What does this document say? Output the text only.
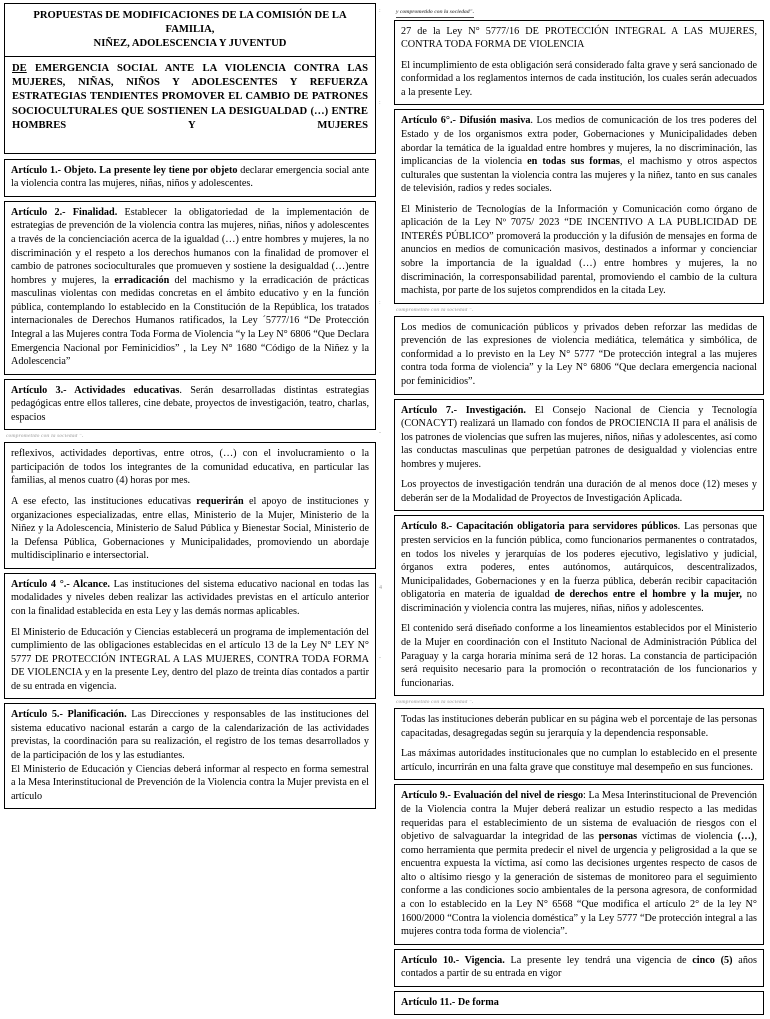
PROPUESTAS DE MODIFICACIONES DE LA COMISIÓN DE LA FAMILIA,

NIÑEZ, ADOLESCENCIA Y JUVENTUD

DE EMERGENCIA SOCIAL ANTE LA VIOLENCIA CONTRA LAS MUJERES, NIÑAS, NIÑOS Y ADOLESCENTES Y REFUERZA ESTRATEGIAS TENDIENTES PROMOVER EL CAMBIO DE PATRONES SOCIOCULTURALES QUE SOSTIENEN LA DESIGUALDAD (…) ENTRE HOMBRES Y MUJERES

Artículo 1.- Objeto. La presente ley tiene por objeto declarar emergencia social ante la violencia contra las mujeres, niñas, niños y adolescentes.

Artículo 2.- Finalidad. Establecer la obligatoriedad de la implementación de estrategias de prevención de la violencia contra las mujeres, niñas, niños y adolescentes a través de la concienciación acerca de la igualdad (…) entre hombres y mujeres, la no discriminación y el respeto a los derechos humanos con la finalidad de promover el cambio de patrones socioculturales que promueven y sostiene la desigualdad (…)entre hombres y mujeres, la erradicación del machismo y la erradicación de prácticas masculinas violentas con medidas concretas en el ámbito educativo y en la función pública, contemplando lo establecido en la Constitución de la República, los tratados internacionales de Derechos Humanos ratificados, la Ley ´5777/16 “De Protección Integral a las Mujeres contra Toda Forma de Violencia “y la Ley N° 6806 “Que Declara Emergencia Nacional por Feminicidios” , la Ley N° 1680 “Código de la Niñez y la Adolescencia”

Artículo 3.- Actividades educativas. Serán desarrolladas distintas estrategias pedagógicas entre ellos talleres, cine debate, proyectos de investigación, teatro, charlas, espacios

comprometido con la sociedad ".

reflexivos, actividades deportivas, entre otros, (…) con el involucramiento o la participación de todos los integrantes de la comunidad educativa, en particular las familias, al menos cuatro (4) horas por mes.

A ese efecto, las instituciones educativas requerirán el apoyo de instituciones y organizaciones especializadas, entre ellas, Ministerio de la Mujer, Ministerio de la Niñez y la Adolescencia, Ministerio de Salud Pública y Bienestar Social, Ministerio de la Defensa Pública, Gobernaciones y Municipalidades, promoviendo un abordaje multidisciplinario e intersectorial.

Artículo 4 °.- Alcance. Las instituciones del sistema educativo nacional en todas las modalidades y niveles deben realizar las actividades previstas en el artículo anterior con la finalidad establecida en esta Ley y las demás normas aplicables.

El Ministerio de Educación y Ciencias establecerá un programa de implementación del cumplimiento de las obligaciones establecidas en el artículo 13 de la Ley N° LEY N° 5777 DE PROTECCIÓN INTEGRAL A LAS MUJERES, CONTRA TODA FORMA DE VIOLENCIA y en la presente Ley, dentro del plazo de treinta días contados a partir de su entrada en vigencia.

Artículo 5.- Planificación. Las Direcciones y responsables de las instituciones del sistema educativo nacional estarán a cargo de la calendarización de las actividades previstas, la coordinación para su realización, el registro de los temas desarrollados y de la participación de los y las estudiantes.

El Ministerio de Educación y Ciencias deberá informar al respecto en forma semestral a la Mesa Interinstitucional de Prevención de la Violencia contra la Mujer prevista en el artículo

y comprometido con la sociedad".

27 de la Ley N° 5777/16 DE PROTECCIÓN INTEGRAL A LAS MUJERES, CONTRA TODA FORMA DE VIOLENCIA

El incumplimiento de esta obligación será considerado falta grave y será sancionado de conformidad a los reglamentos internos de cada institución, los cuales serán adecuados a la presente Ley.

Artículo 6°.- Difusión masiva. Los medios de comunicación de los tres poderes del Estado y de los organismos extra poder, Gobernaciones y Municipalidades deben abordar la temática de la igualdad entre hombres y mujeres, la no discriminación, las implicancias de la violencia en todas sus formas, el machismo y otros aspectos culturales que sustentan la violencia contra las mujeres y la niñez, tanto en sus canales de televisión, radios y redes sociales.

El Ministerio de Tecnologías de la Información y Comunicación como órgano de aplicación de la Ley Nº 7075/ 2023 “DE INCENTIVO A LA PUBLICIDAD DE INTERÉS PÚBLICO” promoverá la producción y la difusión de mensajes en forma de anuncios en medios de comunicación masivos, destinados a informar y concienciar sobre la importancia de la igualdad (…) entre hombres y mujeres, la no discriminación, la corresponsabilidad parental, promoviendo el cambio de la cultura machista, por parte de los sujetos comprendidos en la citada Ley.

comprometido con la sociedad ".

Los medios de comunicación públicos y privados deben reforzar las medidas de prevención de las expresiones de violencia mediática, telemática y simbólica, de conformidad a lo previsto en la Ley N° 5777 “De protección integral a las mujeres contra toda forma de violencia” y la Ley N° 6806 “Que declara emergencia nacional por feminicidios”.

Artículo 7.- Investigación. El Consejo Nacional de Ciencia y Tecnología (CONACYT) realizará un llamado con fondos de PROCIENCIA II para el análisis de los patrones de violencias que sufren las mujeres, niños, niñas y adolescentes, así como las conductas masculinas que perpetúan patrones de desigualdad y violencias entre hombres y mujeres.

Los proyectos de investigación tendrán una duración de al menos doce (12) meses y deberán ser de la Modalidad de Proyectos de Investigación Aplicada.

Artículo 8.- Capacitación obligatoria para servidores públicos. Las personas que presten servicios en la función pública, como funcionarios permanentes o contratados, en todos los niveles y jerarquías de los poderes ejecutivo, legislativo y judicial, órganos extra poderes, entes autónomos, autárquicos, descentralizados, Municipalidades, Gobernaciones y en la fuerza pública, deberán recibir capacitación obligatoria en materia de igualdad de derechos entre el hombre y la mujer, no discriminación y violencia contra las mujeres, niñas, niños y adolescentes.

El contenido será diseñado conforme a los lineamientos establecidos por el Ministerio de la Mujer en coordinación con el Instituto Nacional de Administración Pública del Paraguay y la carga horaria mínima será de 12 horas. La constancia de participación será requisito necesario para la promoción o recontratación de los funcionarios y funcionarias.

comprometido con la sociedad ".

Todas las instituciones deberán publicar en su página web el porcentaje de las personas capacitadas, desagregadas según su jerarquía y la dependencia responsable.

Las máximas autoridades institucionales que no cumplan lo establecido en el presente artículo, incurrirán en una falta grave que constituye mal desempeño en sus funciones.

Artículo 9.- Evaluación del nivel de riesgo: La Mesa Interinstitucional de Prevención de la Violencia contra la Mujer deberá realizar un estudio respecto a las medidas requeridas para el establecimiento de un sistema de evaluación de riesgos con el objetivo de salvaguardar la integridad de las personas víctimas de violencia (…), como herramienta que permita predecir el nivel de urgencia y peligrosidad a la que se encuentra expuesta la víctima, así como las decisiones urgentes respecto de casos de alto o altísimo riesgo y la generación de sistemas de monitoreo para el seguimiento conforme a las condiciones socio ambientales de la persona agresora, de conformidad a con lo establecido en la Ley N° 6568 “Que modifica el artículo 2° de la ley N° 1600/2000 “Contra la violencia doméstica” y la Ley 5777 “De protección integral a las mujeres contra toda forma de violencia”.

Artículo 10.- Vigencia. La presente ley tendrá una vigencia de cinco (5) años contados a partir de su entrada en vigor

Artículo 11.- De forma

:
:
:
-
4
-
